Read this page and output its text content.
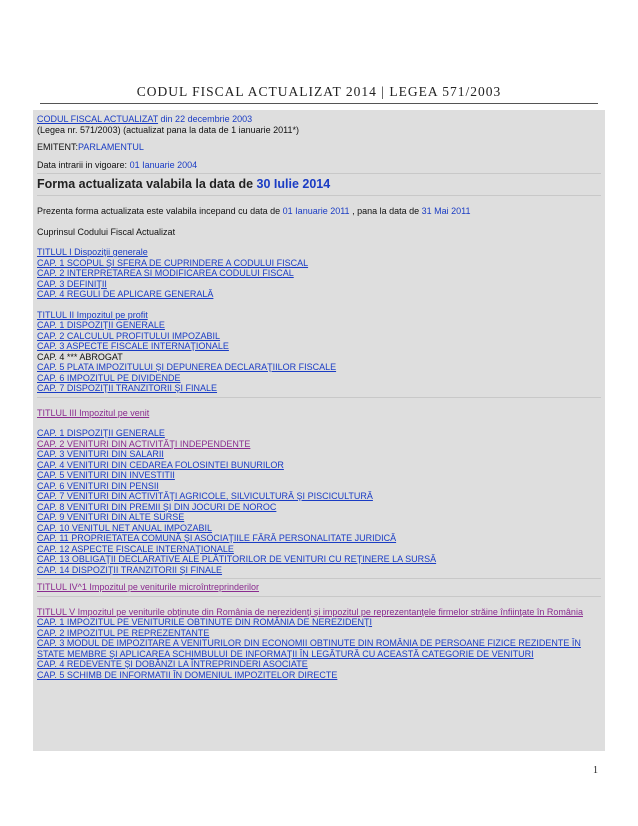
CODUL FISCAL ACTUALIZAT 2014 | LEGEA 571/2003
CODUL FISCAL ACTUALIZAT din 22 decembrie 2003
(Legea nr. 571/2003) (actualizat pana la data de 1 ianuarie 2011*)
EMITENT:PARLAMENTUL
Data intrarii in vigoare: 01 Ianuarie 2004
Forma actualizata valabila la data de 30 Iulie 2014
Prezenta forma actualizata este valabila incepand cu data de 01 Ianuarie 2011 , pana la data de 31 Mai 2011
Cuprinsul Codului Fiscal Actualizat
TITLUL I Dispoziţii generale
CAP. 1 SCOPUL ŞI SFERA DE CUPRINDERE A CODULUI FISCAL
CAP. 2 INTERPRETAREA SI MODIFICAREA CODULUI FISCAL
CAP. 3 DEFINIŢII
CAP. 4 REGULI DE APLICARE GENERALĂ
TITLUL II Impozitul pe profit
CAP. 1 DISPOZIŢII GENERALE
CAP. 2 CALCULUL PROFITULUI IMPOZABIL
CAP. 3 ASPECTE FISCALE INTERNAŢIONALE
CAP. 4 *** ABROGAT
CAP. 5 PLATA IMPOZITULUI ŞI DEPUNEREA DECLARAŢIILOR FISCALE
CAP. 6 IMPOZITUL PE DIVIDENDE
CAP. 7 DISPOZIŢII TRANZITORII ŞI FINALE
TITLUL III Impozitul pe venit
CAP. 1 DISPOZIŢII GENERALE
CAP. 2 VENITURI DIN ACTIVITĂŢI INDEPENDENTE
CAP. 3 VENITURI DIN SALARII
CAP. 4 VENITURI DIN CEDAREA FOLOSINTEI BUNURILOR
CAP. 5 VENITURI DIN INVESTITII
CAP. 6 VENITURI DIN PENSII
CAP. 7 VENITURI DIN ACTIVITĂŢI AGRICOLE, SILVICULTURĂ ŞI PISCICULTURĂ
CAP. 8 VENITURI DIN PREMII ŞI DIN JOCURI DE NOROC
CAP. 9 VENITURI DIN ALTE SURSE
CAP. 10 VENITUL NET ANUAL IMPOZABIL
CAP. 11 PROPRIETATEA COMUNĂ ŞI ASOCIAŢIILE FĂRĂ PERSONALITATE JURIDICĂ
CAP. 12 ASPECTE FISCALE INTERNAŢIONALE
CAP. 13 OBLIGAŢII DECLARATIVE ALE PLĂTITORILOR DE VENITURI CU REŢINERE LA SURSĂ
CAP. 14 DISPOZIŢII TRANZITORII ŞI FINALE
TITLUL IV^1 Impozitul pe veniturile microîntreprinderilor
TITLUL V Impozitul pe veniturile obţinute din România de nerezidenţi şi impozitul pe reprezentanţele firmelor străine înfiinţate în România
CAP. 1 IMPOZITUL PE VENITURILE OBTINUTE DIN ROMÂNIA DE NEREZIDENŢI
CAP. 2 IMPOZITUL PE REPREZENTANTE
CAP. 3 MODUL DE IMPOZITARE A VENITURILOR DIN ECONOMII OBTINUTE DIN ROMÂNIA DE PERSOANE FIZICE REZIDENTE ÎN STATE MEMBRE ŞI APLICAREA SCHIMBULUI DE INFORMAŢII ÎN LEGĂTURĂ CU ACEASTĂ CATEGORIE DE VENITURI
CAP. 4 REDEVENTE ŞI DOBÂNZI LA ÎNTREPRINDERI ASOCIATE
CAP. 5 SCHIMB DE INFORMATII ÎN DOMENIUL IMPOZITELOR DIRECTE
1
